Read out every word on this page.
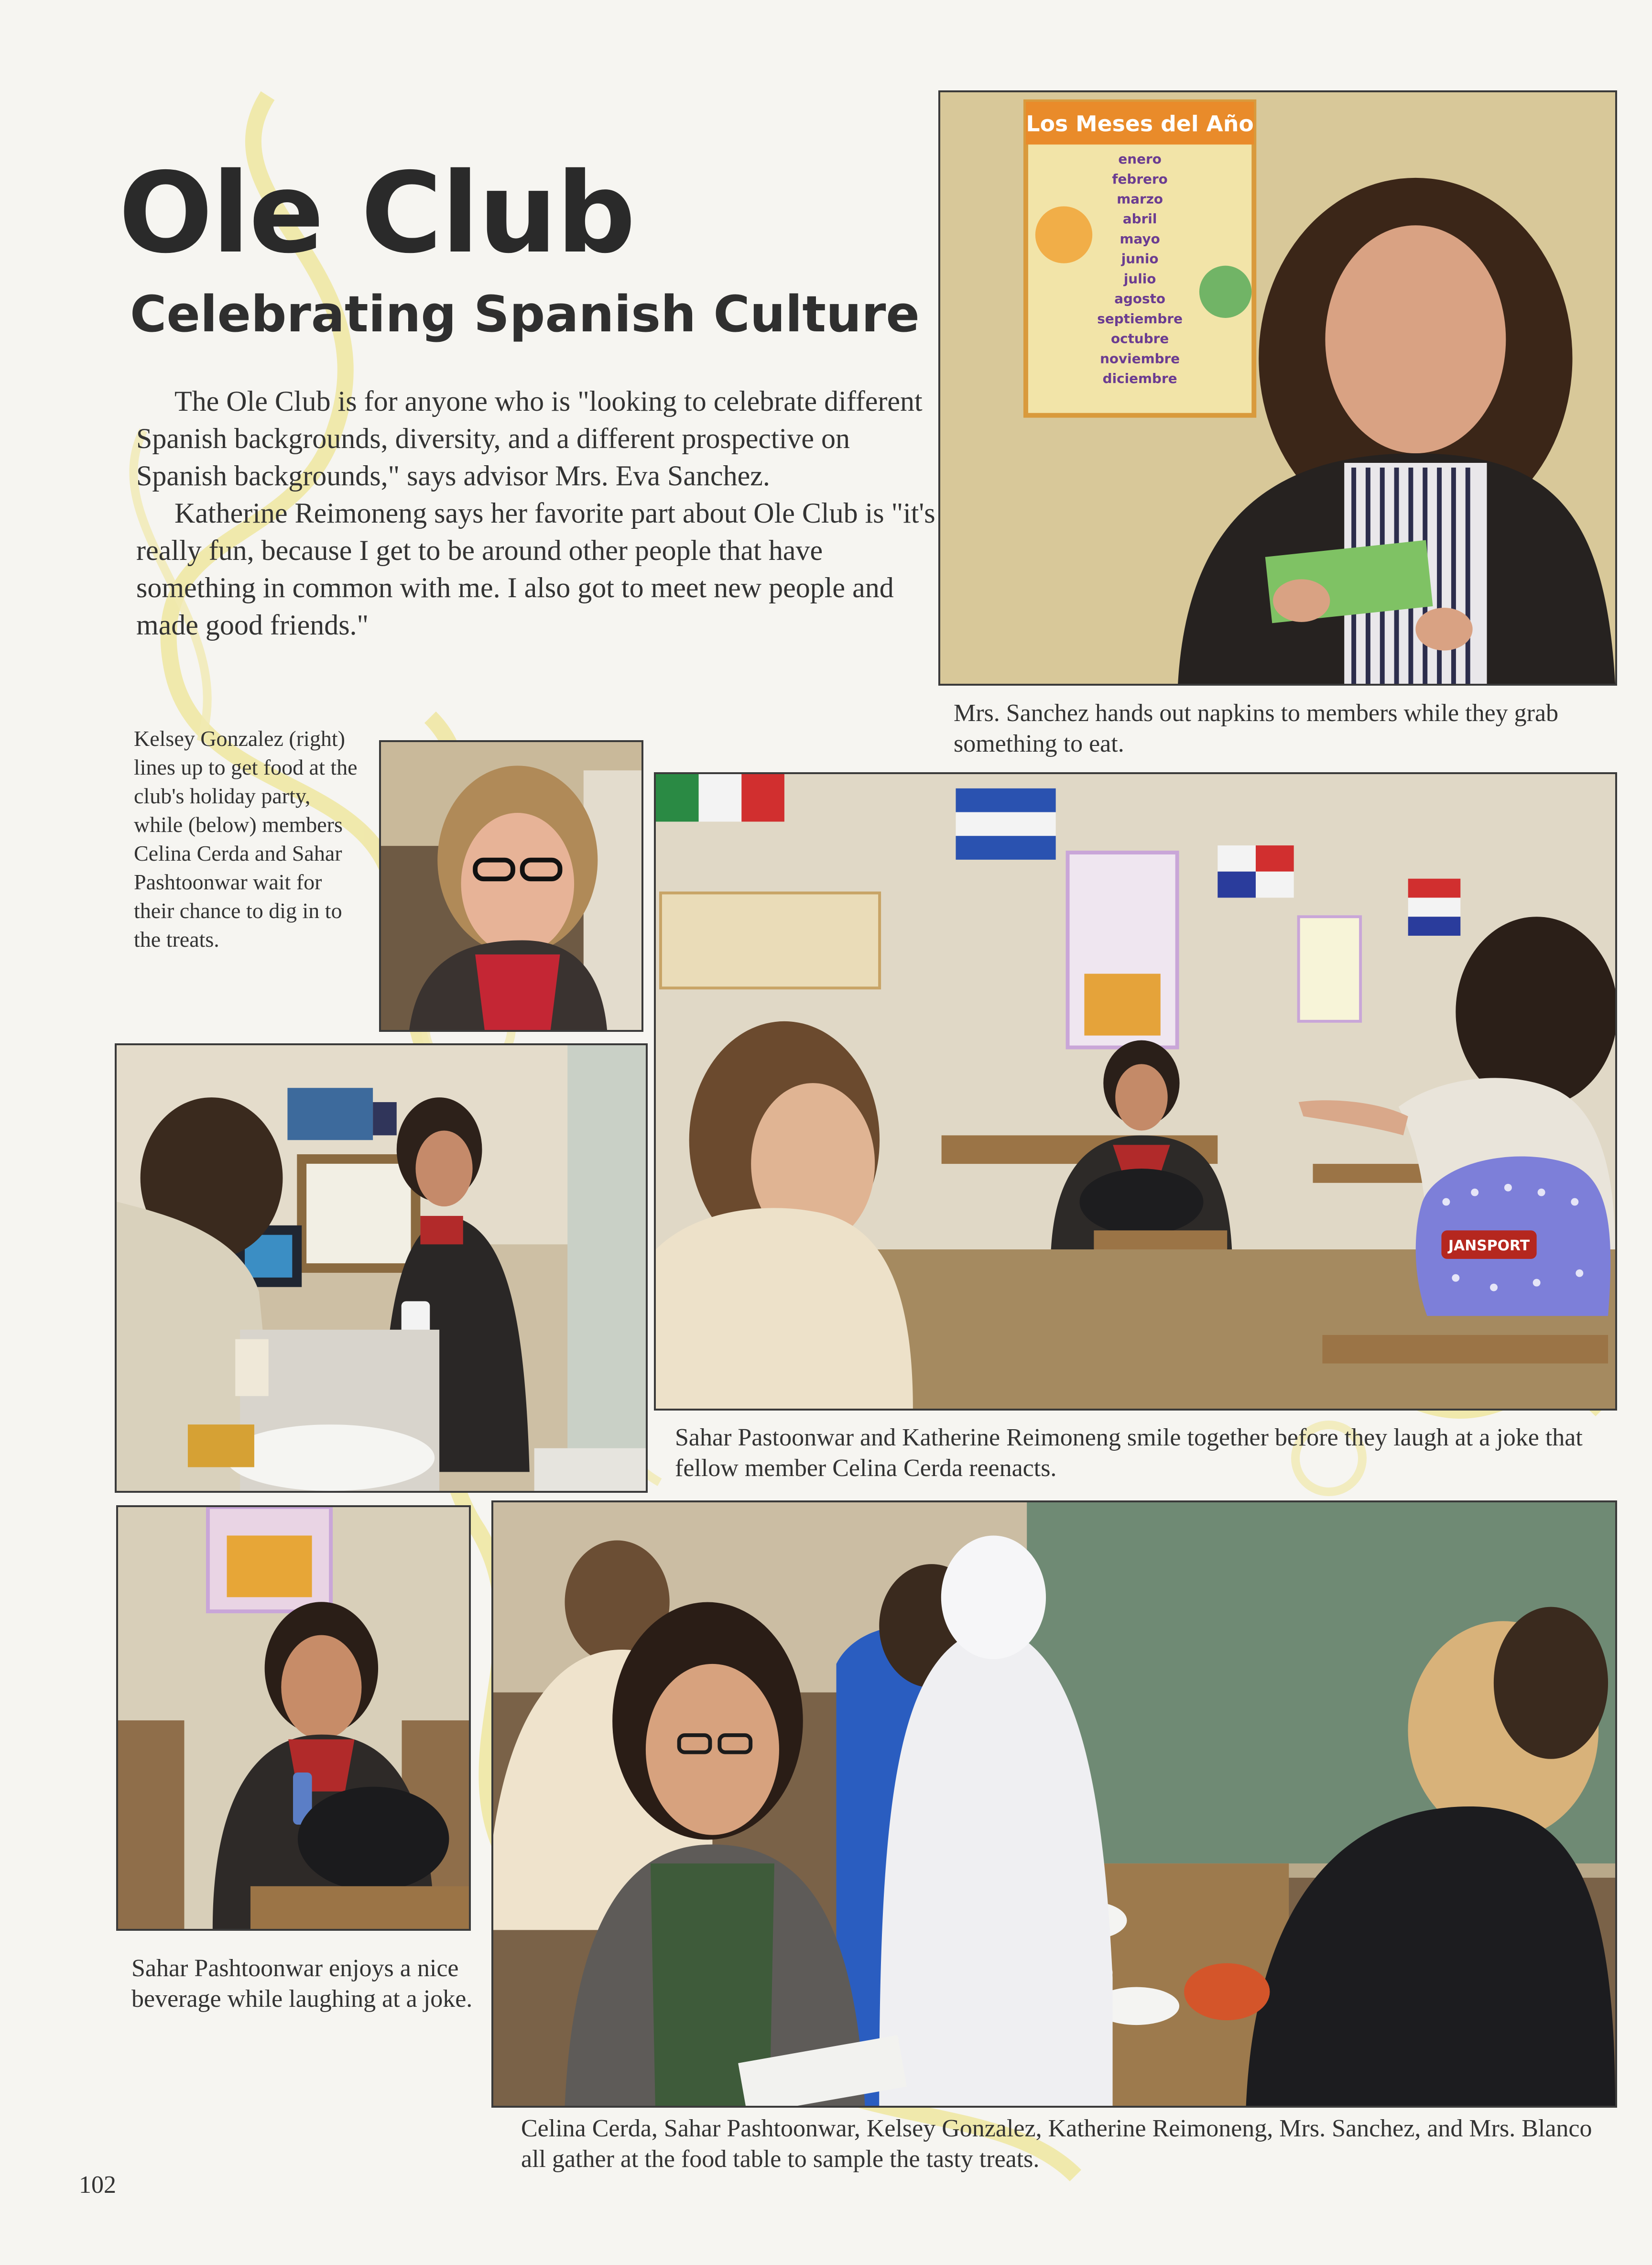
Ole Club
Celebrating Spanish Culture

The Ole Club is for anyone who is "looking to celebrate different Spanish backgrounds, diversity, and a different prospective on Spanish backgrounds," says advisor Mrs. Eva Sanchez.

Katherine Reimoneng says her favorite part about Ole Club is "it's really fun, because I get to be around other people that have something in common with me. I also got to meet new people and made good friends."

Los Meses del Año
enero
febrero
marzo
abril
mayo
junio
julio
agosto
septiembre
octubre
noviembre
diciembre

Mrs. Sanchez hands out napkins to members while they grab something to eat.

Kelsey Gonzalez (right) lines up to get food at the club's holiday party, while (below) members Celina Cerda and Sahar Pashtoonwar wait for their chance to dig in to the treats.

JANSPORT

Sahar Pastoonwar and Katherine Reimoneng smile together before they laugh at a joke that fellow member Celina Cerda reenacts.

Sahar Pashtoonwar enjoys a nice beverage while laughing at a joke.

Celina Cerda, Sahar Pashtoonwar, Kelsey Gonzalez, Katherine Reimoneng, Mrs. Sanchez, and Mrs. Blanco all gather at the food table to sample the tasty treats.

102
